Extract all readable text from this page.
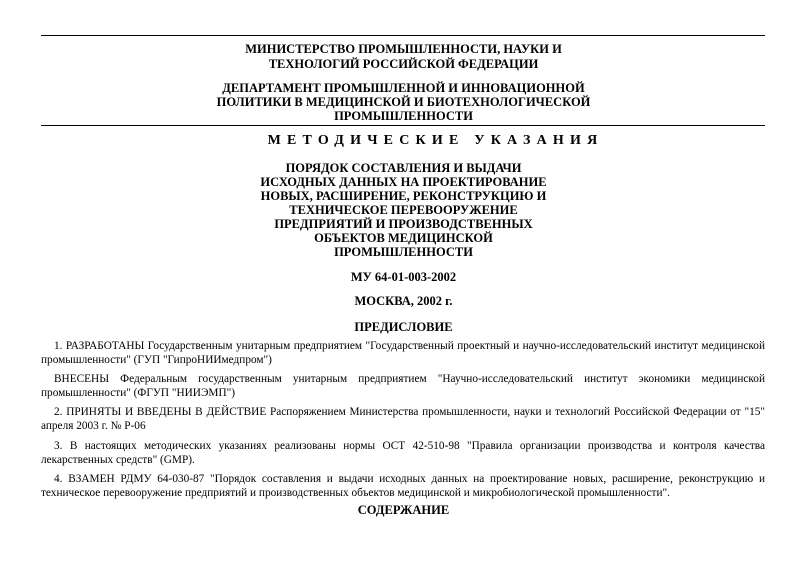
МИНИСТЕРСТВО ПРОМЫШЛЕННОСТИ, НАУКИ И
ТЕХНОЛОГИЙ РОССИЙСКОЙ ФЕДЕРАЦИИ
ДЕПАРТАМЕНТ ПРОМЫШЛЕННОЙ И ИННОВАЦИОННОЙ
ПОЛИТИКИ В МЕДИЦИНСКОЙ И БИОТЕХНОЛОГИЧЕСКОЙ
ПРОМЫШЛЕННОСТИ
МЕТОДИЧЕСКИЕ УКАЗАНИЯ
ПОРЯДОК СОСТАВЛЕНИЯ И ВЫДАЧИ
ИСХОДНЫХ ДАННЫХ НА ПРОЕКТИРОВАНИЕ
НОВЫХ, РАСШИРЕНИЕ, РЕКОНСТРУКЦИЮ И
ТЕХНИЧЕСКОЕ ПЕРЕВООРУЖЕНИЕ
ПРЕДПРИЯТИЙ И ПРОИЗВОДСТВЕННЫХ
ОБЪЕКТОВ МЕДИЦИНСКОЙ
ПРОМЫШЛЕННОСТИ
МУ 64-01-003-2002
МОСКВА, 2002 г.
ПРЕДИСЛОВИЕ
1. РАЗРАБОТАНЫ Государственным унитарным предприятием "Государственный проектный и научно-исследовательский институт медицинской промышленности" (ГУП "ГипроНИИмедпром")
ВНЕСЕНЫ Федеральным государственным унитарным предприятием "Научно-исследовательский институт экономики медицинской промышленности" (ФГУП "НИИЭМП")
2. ПРИНЯТЫ И ВВЕДЕНЫ В ДЕЙСТВИЕ Распоряжением Министерства промышленности, науки и технологий Российской Федерации от "15" апреля 2003 г. № Р-06
3. В настоящих методических указаниях реализованы нормы ОСТ 42-510-98 "Правила организации производства и контроля качества лекарственных средств" (GMP).
4. ВЗАМЕН РДМУ 64-030-87 "Порядок составления и выдачи исходных данных на проектирование новых, расширение, реконструкцию и техническое перевооружение предприятий и производственных объектов медицинской и микробиологической промышленности".
СОДЕРЖАНИЕ
